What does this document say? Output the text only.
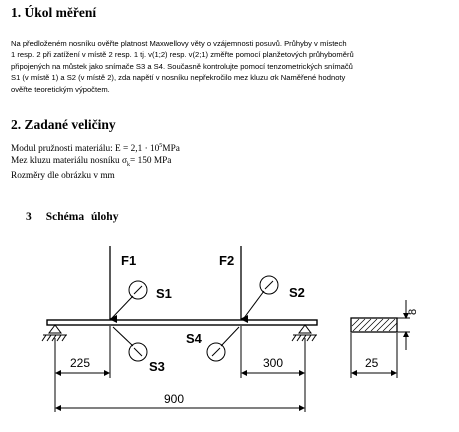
1. Úkol měření
Na předloženém nosníku ověřte platnost Maxwellovy věty o vzájemnosti posuvů. Průhyby v místech
1 resp. 2 při zatížení v místě 2 resp. 1 tj. v(1;2) resp. v(2;1) změřte pomocí planžetových průhyboměrů
připojených na můstek jako snímače S3 a S4. Současně kontrolujte pomocí tenzometrických snímačů
S1 (v místě 1) a S2 (v místě 2), zda napětí v nosníku nepřekročilo mez kluzu σk Naměřené hodnoty
ověřte teoretickým výpočtem.
2. Zadané veličiny
Modul pružnosti materiálu: $E = 2,1 \cdot 10^5MPa$
Mez kluzu materiálu nosníku $\sigma_k= 150$ MPa
Rozměry dle obrázku v mm
3 Schéma úlohy
F1	F2
S1	S2
S3
S4
225	300
900
25
8
